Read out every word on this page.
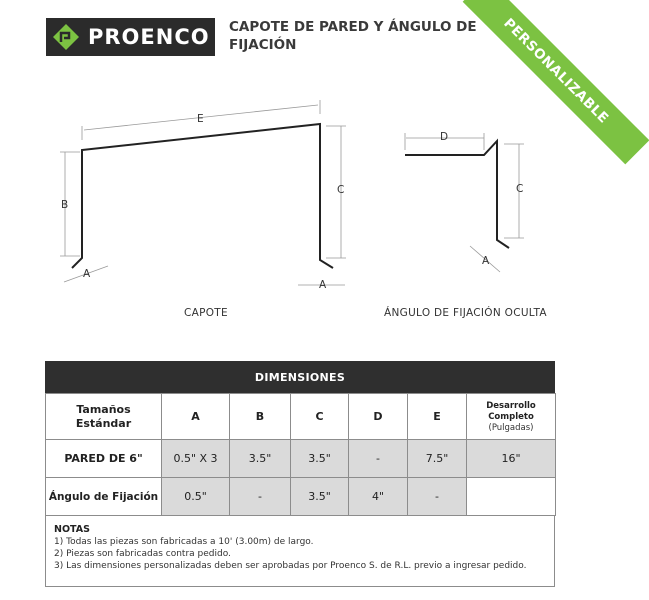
PROENCO CAPOTE DE PARED Y ÁNGULO DE FIJACIÓN	PERSONALIZABLE
E
B
C
A
A
D
C
A
CAPOTE	ÁNGULO DE FIJACIÓN OCULTA
DIMENSIONES
Tamaños Estándar	A	B	C	D	E	Desarrollo Completo
(Pulgadas)

PARED DE 6"	0.5" X 3	3.5"	3.5"	-	7.5"	16"
Ángulo de Fijación	0.5"	-	3.5"	4"	-	
NOTAS
1) Todas las piezas son fabricadas a 10' (3.00m) de largo.
2) Piezas son fabricadas contra pedido.
3) Las dimensiones personalizadas deben ser aprobadas por Proenco S. de R.L. previo a ingresar pedido.
